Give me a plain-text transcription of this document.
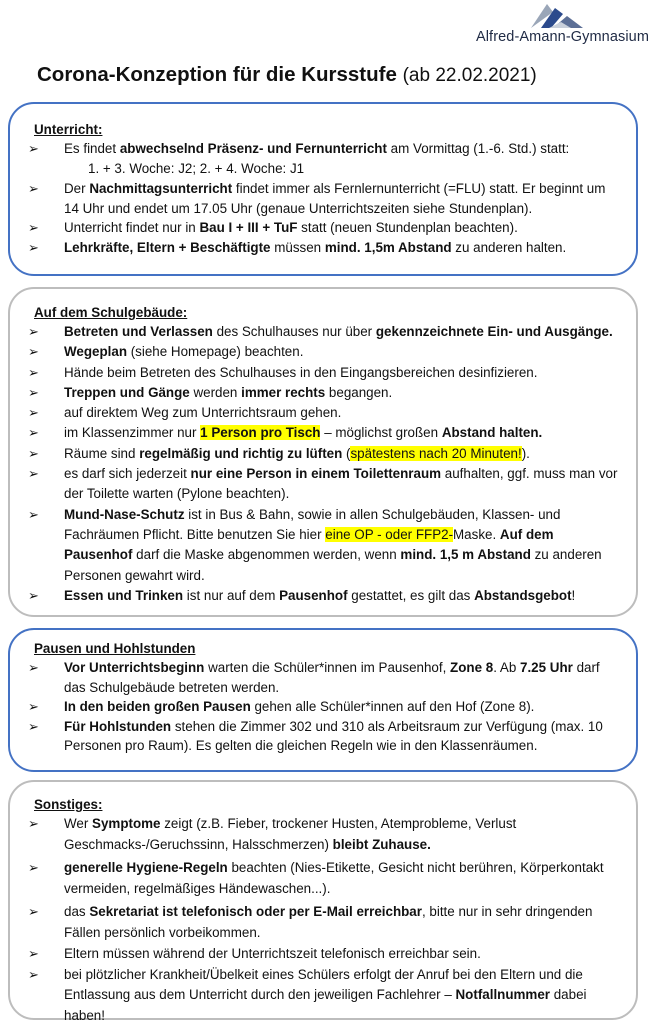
Alfred-Amann-Gymnasium
Corona-Konzeption für die Kursstufe (ab 22.02.2021)
Unterricht:
➢	Es findet abwechselnd Präsenz- und Fernunterricht am Vormittag (1.-6. Std.) statt:
1. + 3. Woche: J2; 2. + 4. Woche: J1
➢	Der Nachmittagsunterricht findet immer als Fernlernunterricht (=FLU) statt. Er beginnt um 14 Uhr und endet um 17.05 Uhr (genaue Unterrichtszeiten siehe Stundenplan).
➢	Unterricht findet nur in Bau I + III + TuF statt (neuen Stundenplan beachten).
➢	Lehrkräfte, Eltern + Beschäftigte müssen mind. 1,5m Abstand zu anderen halten.
Auf dem Schulgebäude:
➢	Betreten und Verlassen des Schulhauses nur über gekennzeichnete Ein- und Ausgänge.
➢	Wegeplan (siehe Homepage) beachten.
➢	Hände beim Betreten des Schulhauses in den Eingangsbereichen desinfizieren.
➢	Treppen und Gänge werden immer rechts begangen.
➢	auf direktem Weg zum Unterrichtsraum gehen.
➢	im Klassenzimmer nur 1 Person pro Tisch – möglichst großen Abstand halten.
➢	Räume sind regelmäßig und richtig zu lüften (spätestens nach 20 Minuten!).
➢	es darf sich jederzeit nur eine Person in einem Toilettenraum aufhalten, ggf. muss man vor der Toilette warten (Pylone beachten).
➢	Mund-Nase-Schutz ist in Bus & Bahn, sowie in allen Schulgebäuden, Klassen- und Fachräumen Pflicht. Bitte benutzen Sie hier eine OP - oder FFP2-Maske. Auf dem Pausenhof darf die Maske abgenommen werden, wenn mind. 1,5 m Abstand zu anderen Personen gewahrt wird.
➢	Essen und Trinken ist nur auf dem Pausenhof gestattet, es gilt das Abstandsgebot!
Pausen und Hohlstunden
➢	Vor Unterrichtsbeginn warten die Schüler*innen im Pausenhof, Zone 8. Ab 7.25 Uhr darf das Schulgebäude betreten werden.
➢	In den beiden großen Pausen gehen alle Schüler*innen auf den Hof (Zone 8).
➢	Für Hohlstunden stehen die Zimmer 302 und 310 als Arbeitsraum zur Verfügung (max. 10 Personen pro Raum). Es gelten die gleichen Regeln wie in den Klassenräumen.
Sonstiges:
➢	Wer Symptome zeigt (z.B. Fieber, trockener Husten, Atemprobleme, Verlust Geschmacks-/Geruchssinn, Halsschmerzen) bleibt Zuhause.
➢	generelle Hygiene-Regeln beachten (Nies-Etikette, Gesicht nicht berühren, Körperkontakt vermeiden, regelmäßiges Händewaschen...).
➢	das Sekretariat ist telefonisch oder per E-Mail erreichbar, bitte nur in sehr dringenden Fällen persönlich vorbeikommen.
➢	Eltern müssen während der Unterrichtszeit telefonisch erreichbar sein.
➢	bei plötzlicher Krankheit/Übelkeit eines Schülers erfolgt der Anruf bei den Eltern und die Entlassung aus dem Unterricht durch den jeweiligen Fachlehrer – Notfallnummer dabei haben!
